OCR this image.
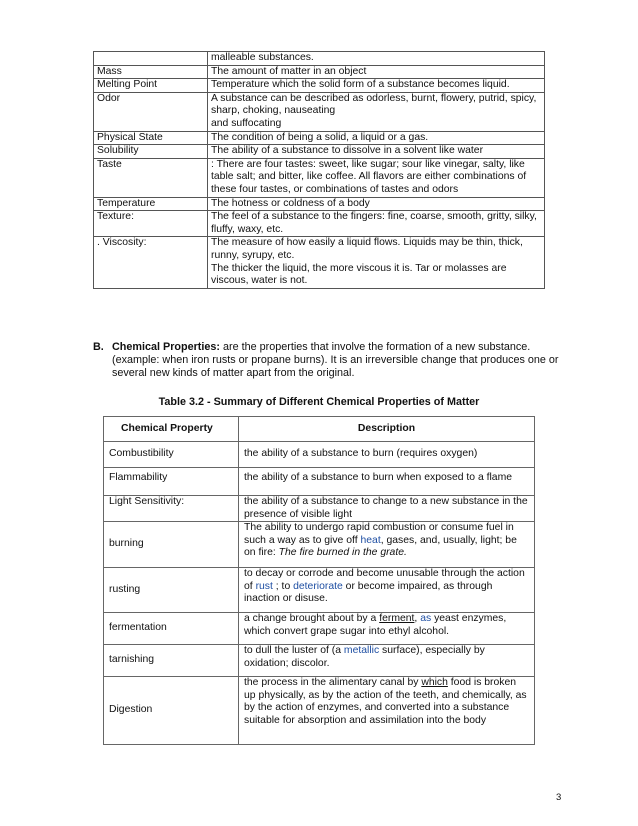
	malleable substances.
Mass	The amount of matter in an object
Melting Point	Temperature which the solid form of a substance becomes liquid.
Odor	A substance can be described as odorless, burnt, flowery, putrid, spicy, sharp, choking, nauseating
and suffocating

Physical State	The condition of being a solid, a liquid or a gas.
Solubility	The ability of a substance to dissolve in a solvent like water
Taste	: There are four tastes: sweet, like sugar; sour like vinegar, salty, like table salt; and bitter, like coffee. All flavors are either combinations of these four tastes, or combinations of tastes and odors
Temperature	The hotness or coldness of a body
Texture:	The feel of a substance to the fingers: fine, coarse, smooth, gritty, silky, fluffy, waxy, etc.
. Viscosity:	The measure of how easily a liquid flows. Liquids may be thin, thick, runny, syrupy, etc.
The thicker the liquid, the more viscous it is. Tar or molasses are viscous, water is not.
B. Chemical Properties: are the properties that involve the formation of a new substance. (example: when iron rusts or propane burns). It is an irreversible change that produces one or several new kinds of matter apart from the original.
Table 3.2 - Summary of Different Chemical Properties of Matter
Chemical Property	Description
Combustibility	the ability of a substance to burn (requires oxygen)
Flammability	the ability of a substance to burn when exposed to a flame
Light Sensitivity:	the ability of a substance to change to a new substance in the presence of visible light
burning	The ability to undergo rapid combustion or consume fuel in such a way as to give off heat, gases, and, usually, light; be on fire: The fire burned in the grate.
rusting	to decay or corrode and become unusable through the action of rust ; to deteriorate or become impaired, as through inaction or disuse.
fermentation	a change brought about by a ferment, as yeast enzymes, which convert grape sugar into ethyl alcohol.
tarnishing	to dull the luster of (a metallic surface), especially by oxidation; discolor.
Digestion	the process in the alimentary canal by which food is broken up physically, as by the action of the teeth, and chemically, as by the action of enzymes, and converted into a substance suitable for absorption and assimilation into the body
3
